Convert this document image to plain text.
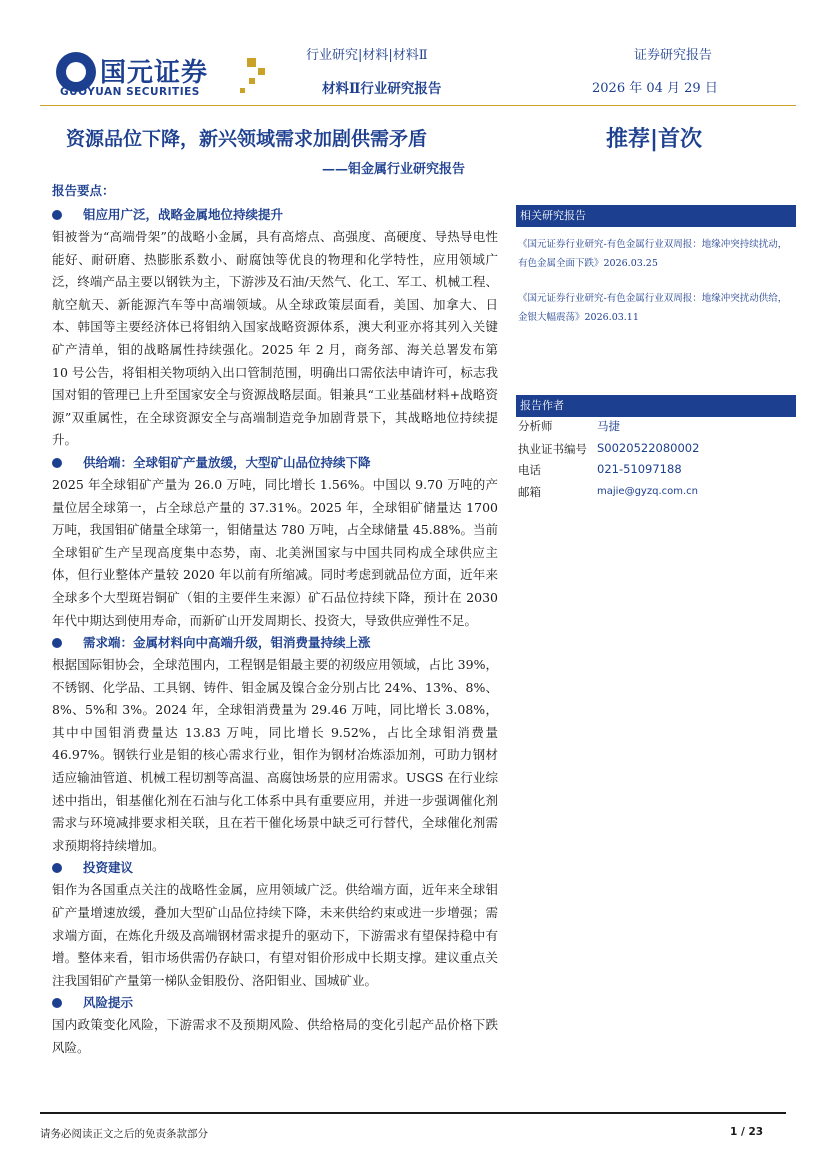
国元证券
GUOYUAN SECURITIES
行业研究|材料|材料Ⅱ	证券研究报告
材料Ⅱ行业研究报告	2026 年 04 月 29 日
资源品位下降，新兴领域需求加剧供需矛盾	推荐|首次
——钼金属行业研究报告
报告要点：
钼应用广泛，战略金属地位持续提升

钼被誉为“高端骨架”的战略小金属，具有高熔点、高强度、高硬度、导热导电性能好、耐研磨、热膨胀系数小、耐腐蚀等优良的物理和化学特性，应用领域广泛，终端产品主要以钢铁为主，下游涉及石油/天然气、化工、军工、机械工程、航空航天、新能源汽车等中高端领域。从全球政策层面看，美国、加拿大、日本、韩国等主要经济体已将钼纳入国家战略资源体系，澳大利亚亦将其列入关键矿产清单，钼的战略属性持续强化。2025 年 2 月，商务部、海关总署发布第 10 号公告，将钼相关物项纳入出口管制范围，明确出口需依法申请许可，标志我国对钼的管理已上升至国家安全与资源战略层面。钼兼具“工业基础材料+战略资源”双重属性，在全球资源安全与高端制造竞争加剧背景下，其战略地位持续提升。

供给端：全球钼矿产量放缓，大型矿山品位持续下降

2025 年全球钼矿产量为 26.0 万吨，同比增长 1.56%。中国以 9.70 万吨的产量位居全球第一，占全球总产量的 37.31%。2025 年，全球钼矿储量达 1700 万吨，我国钼矿储量全球第一，钼储量达 780 万吨，占全球储量 45.88%。当前全球钼矿生产呈现高度集中态势，南、北美洲国家与中国共同构成全球供应主体，但行业整体产量较 2020 年以前有所缩减。同时考虑到就品位方面，近年来全球多个大型斑岩铜矿（钼的主要伴生来源）矿石品位持续下降，预计在 2030 年代中期达到使用寿命，而新矿山开发周期长、投资大，导致供应弹性不足。

需求端：金属材料向中高端升级，钼消费量持续上涨

根据国际钼协会，全球范围内，工程钢是钼最主要的初级应用领域，占比 39%，不锈钢、化学品、工具钢、铸件、钼金属及镍合金分别占比 24%、13%、8%、8%、5%和 3%。2024 年，全球钼消费量为 29.46 万吨，同比增长 3.08%，其中中国钼消费量达 13.83 万吨，同比增长 9.52%，占比全球钼消费量 46.97%。钢铁行业是钼的核心需求行业，钼作为钢材冶炼添加剂，可助力钢材适应输油管道、机械工程切割等高温、高腐蚀场景的应用需求。USGS 在行业综述中指出，钼基催化剂在石油与化工体系中具有重要应用，并进一步强调催化剂需求与环境减排要求相关联，且在若干催化场景中缺乏可行替代，全球催化剂需求预期将持续增加。

投资建议

钼作为各国重点关注的战略性金属，应用领域广泛。供给端方面，近年来全球钼矿产量增速放缓，叠加大型矿山品位持续下降，未来供给约束或进一步增强；需求端方面，在炼化升级及高端钢材需求提升的驱动下，下游需求有望保持稳中有增。整体来看，钼市场供需仍存缺口，有望对钼价形成中长期支撑。建议重点关注我国钼矿产量第一梯队金钼股份、洛阳钼业、国城矿业。

风险提示

国内政策变化风险，下游需求不及预期风险、供给格局的变化引起产品价格下跌风险。

相关研究报告
《国元证券行业研究-有色金属行业双周报：地缘冲突持续扰动，有色金属全面下跌》2026.03.25
《国元证券行业研究-有色金属行业双周报：地缘冲突扰动供给，金银大幅震荡》2026.03.11
报告作者
分析师	马捷
执业证书编号 S0020522080002
电话	021-51097188
邮箱	majie@gyzq.com.cn
请务必阅读正文之后的免责条款部分	1 / 23
